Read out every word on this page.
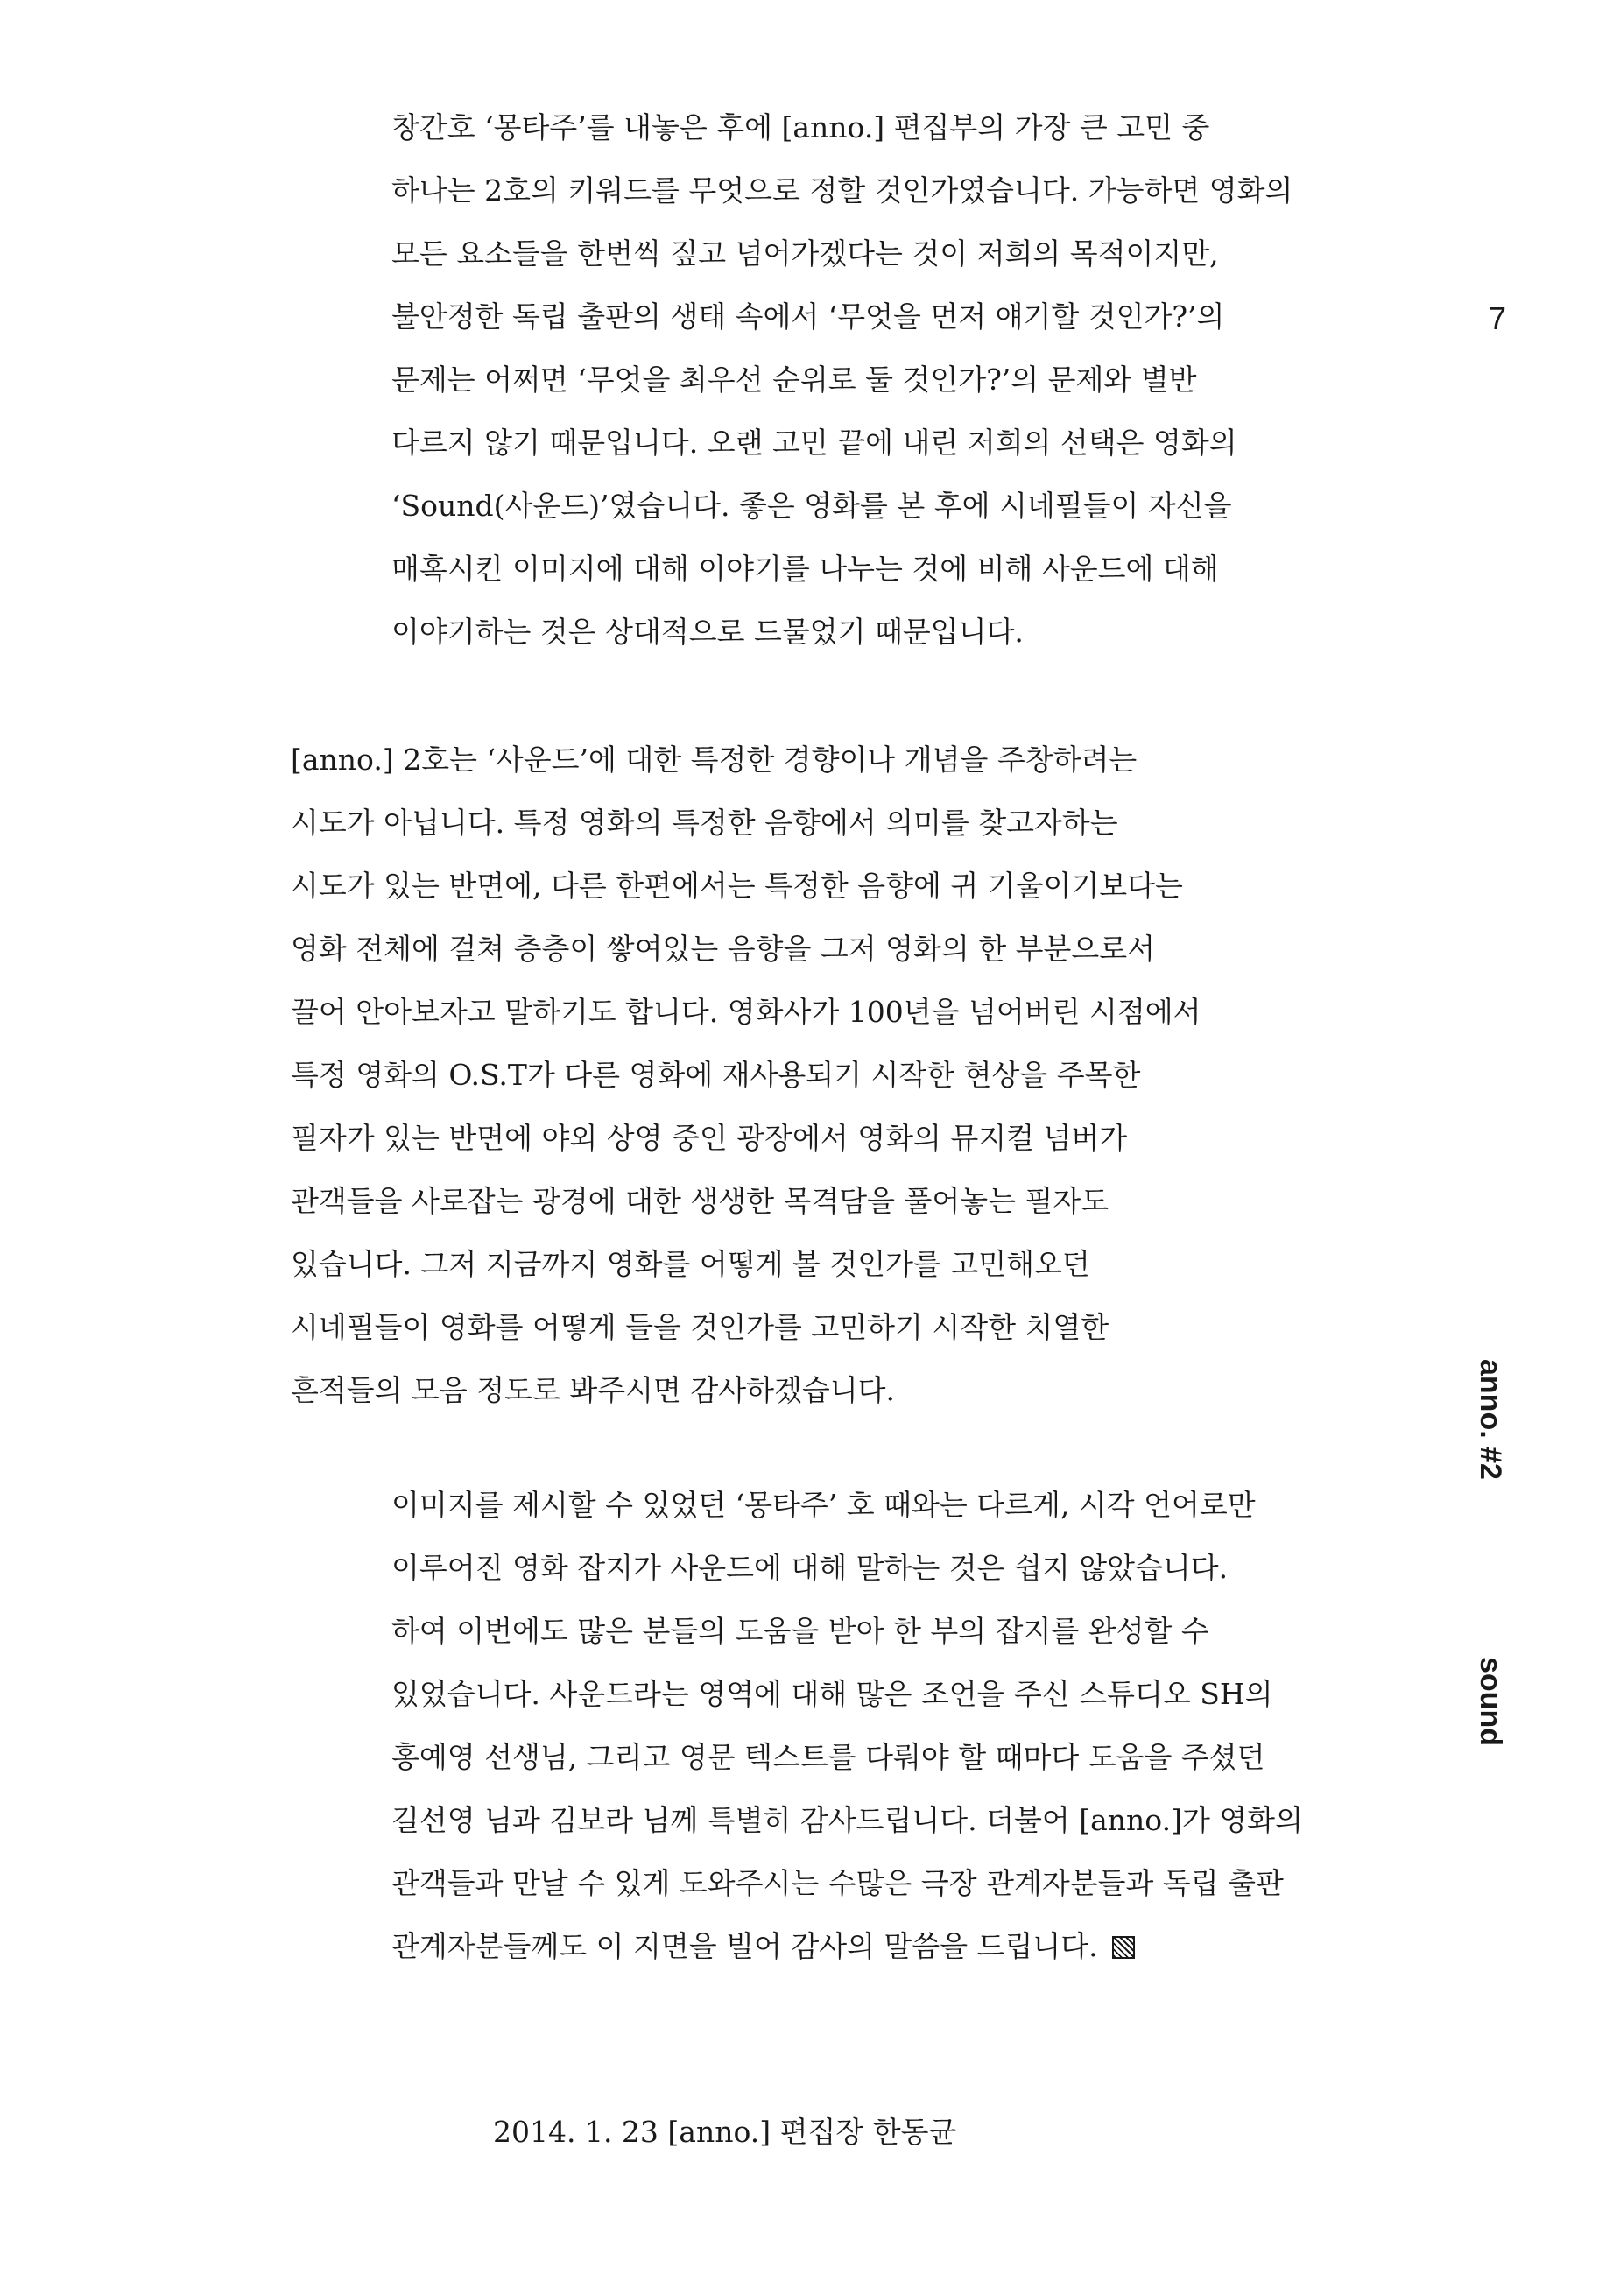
창간호 ‘몽타주’를 내놓은 후에 [anno.] 편집부의 가장 큰 고민 중
하나는 2호의 키워드를 무엇으로 정할 것인가였습니다. 가능하면 영화의
모든 요소들을 한번씩 짚고 넘어가겠다는 것이 저희의 목적이지만,
불안정한 독립 출판의 생태 속에서 ‘무엇을 먼저 얘기할 것인가?’의
문제는 어쩌면 ‘무엇을 최우선 순위로 둘 것인가?’의 문제와 별반
다르지 않기 때문입니다. 오랜 고민 끝에 내린 저희의 선택은 영화의
‘Sound(사운드)’였습니다. 좋은 영화를 본 후에 시네필들이 자신을
매혹시킨 이미지에 대해 이야기를 나누는 것에 비해 사운드에 대해
이야기하는 것은 상대적으로 드물었기 때문입니다.
[anno.] 2호는 ‘사운드’에 대한 특정한 경향이나 개념을 주창하려는
시도가 아닙니다. 특정 영화의 특정한 음향에서 의미를 찾고자하는
시도가 있는 반면에, 다른 한편에서는 특정한 음향에 귀 기울이기보다는
영화 전체에 걸쳐 층층이 쌓여있는 음향을 그저 영화의 한 부분으로서
끌어 안아보자고 말하기도 합니다. 영화사가 100년을 넘어버린 시점에서
특정 영화의 O.S.T가 다른 영화에 재사용되기 시작한 현상을 주목한
필자가 있는 반면에 야외 상영 중인 광장에서 영화의 뮤지컬 넘버가
관객들을 사로잡는 광경에 대한 생생한 목격담을 풀어놓는 필자도
있습니다. 그저 지금까지 영화를 어떻게 볼 것인가를 고민해오던
시네필들이 영화를 어떻게 들을 것인가를 고민하기 시작한 치열한
흔적들의 모음 정도로 봐주시면 감사하겠습니다.
이미지를 제시할 수 있었던 ‘몽타주’ 호 때와는 다르게, 시각 언어로만
이루어진 영화 잡지가 사운드에 대해 말하는 것은 쉽지 않았습니다.
하여 이번에도 많은 분들의 도움을 받아 한 부의 잡지를 완성할 수
있었습니다. 사운드라는 영역에 대해 많은 조언을 주신 스튜디오 SH의
홍예영 선생님, 그리고 영문 텍스트를 다뤄야 할 때마다 도움을 주셨던
길선영 님과 김보라 님께 특별히 감사드립니다. 더불어 [anno.]가 영화의
관객들과 만날 수 있게 도와주시는 수많은 극장 관계자분들과 독립 출판
관계자분들께도 이 지면을 빌어 감사의 말씀을 드립니다.
2014. 1. 23 [anno.] 편집장 한동균
7
anno. #2
sound
